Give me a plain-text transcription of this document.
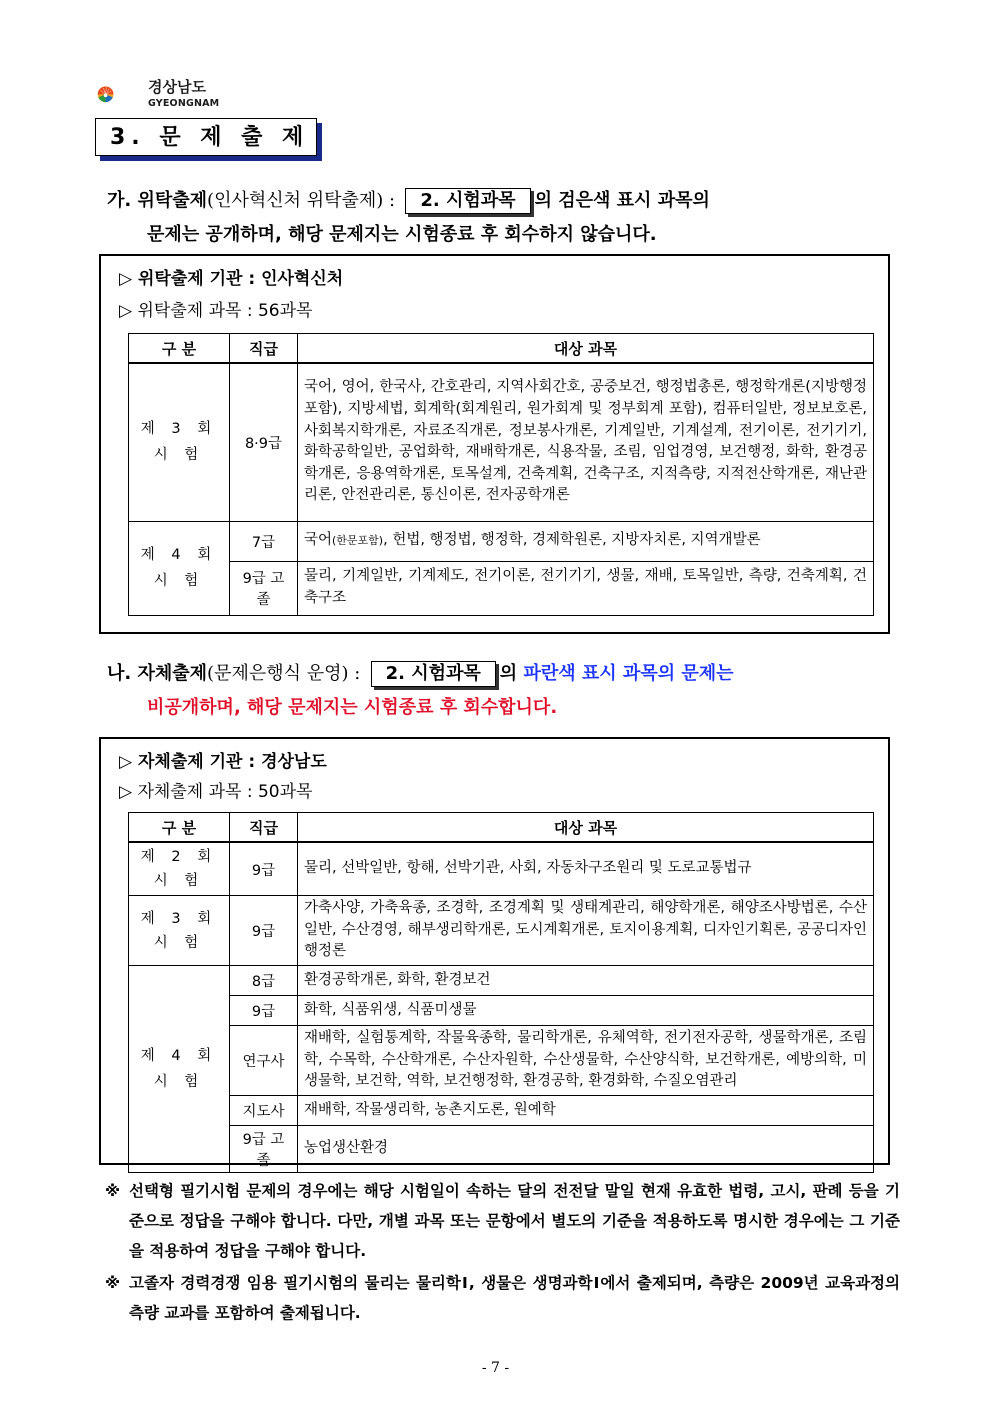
경상남도
GYEONGNAM
3. 문 제 출 제
가. 위탁출제(인사혁신처 위탁출제) : 2. 시험과목 의 검은색 표시 과목의
문제는 공개하며, 해당 문제지는 시험종료 후 회수하지 않습니다.
▷ 위탁출제 기관 : 인사혁신처
▷ 위탁출제 과목 : 56과목
구 분	직급	대상 과목
제 3 회
시 험	8·9급	국어, 영어, 한국사, 간호관리, 지역사회간호, 공중보건, 행정법총론, 행정학개론(지방행정 포함), 지방세법, 회계학(회계원리, 원가회계 및 정부회계 포함), 컴퓨터일반, 정보보호론, 사회복지학개론, 자료조직개론, 정보봉사개론, 기계일반, 기계설계, 전기이론, 전기기기, 화학공학일반, 공업화학, 재배학개론, 식용작물, 조림, 임업경영, 보건행정, 화학, 환경공학개론, 응용역학개론, 토목설계, 건축계획, 건축구조, 지적측량, 지적전산학개론, 재난관리론, 안전관리론, 통신이론, 전자공학개론
제 4 회
시 험	7급	국어(한문포함), 헌법, 행정법, 행정학, 경제학원론, 지방자치론, 지역개발론
	9급 고졸	물리, 기계일반, 기계제도, 전기이론, 전기기기, 생물, 재배, 토목일반, 측량, 건축계획, 건축구조
나. 자체출제(문제은행식 운영) : 2. 시험과목 의 파란색 표시 과목의 문제는
비공개하며, 해당 문제지는 시험종료 후 회수합니다.
▷ 자체출제 기관 : 경상남도
▷ 자체출제 과목 : 50과목
구 분	직급	대상 과목
제 2 회
시 험	9급	물리, 선박일반, 항해, 선박기관, 사회, 자동차구조원리 및 도로교통법규
제 3 회
시 험	9급	가축사양, 가축육종, 조경학, 조경계획 및 생태계관리, 해양학개론, 해양조사방법론, 수산일반, 수산경영, 해부생리학개론, 도시계획개론, 토지이용계획, 디자인기획론, 공공디자인행정론
제 4 회
시 험	8급	환경공학개론, 화학, 환경보건
	9급	화학, 식품위생, 식품미생물
	연구사	재배학, 실험통계학, 작물육종학, 물리학개론, 유체역학, 전기전자공학, 생물학개론, 조림학, 수목학, 수산학개론, 수산자원학, 수산생물학, 수산양식학, 보건학개론, 예방의학, 미생물학, 보건학, 역학, 보건행정학, 환경공학, 환경화학, 수질오염관리
	지도사	재배학, 작물생리학, 농촌지도론, 원예학
	9급 고졸	농업생산환경
※ 선택형 필기시험 문제의 경우에는 해당 시험일이 속하는 달의 전전달 말일 현재 유효한 법령, 고시, 판례 등을 기준으로 정답을 구해야 합니다. 다만, 개별 과목 또는 문항에서 별도의 기준을 적용하도록 명시한 경우에는 그 기준을 적용하여 정답을 구해야 합니다.
※ 고졸자 경력경쟁 임용 필기시험의 물리는 물리학Ⅰ, 생물은 생명과학Ⅰ에서 출제되며, 측량은 2009년 교육과정의 측량 교과를 포함하여 출제됩니다.
- 7 -
